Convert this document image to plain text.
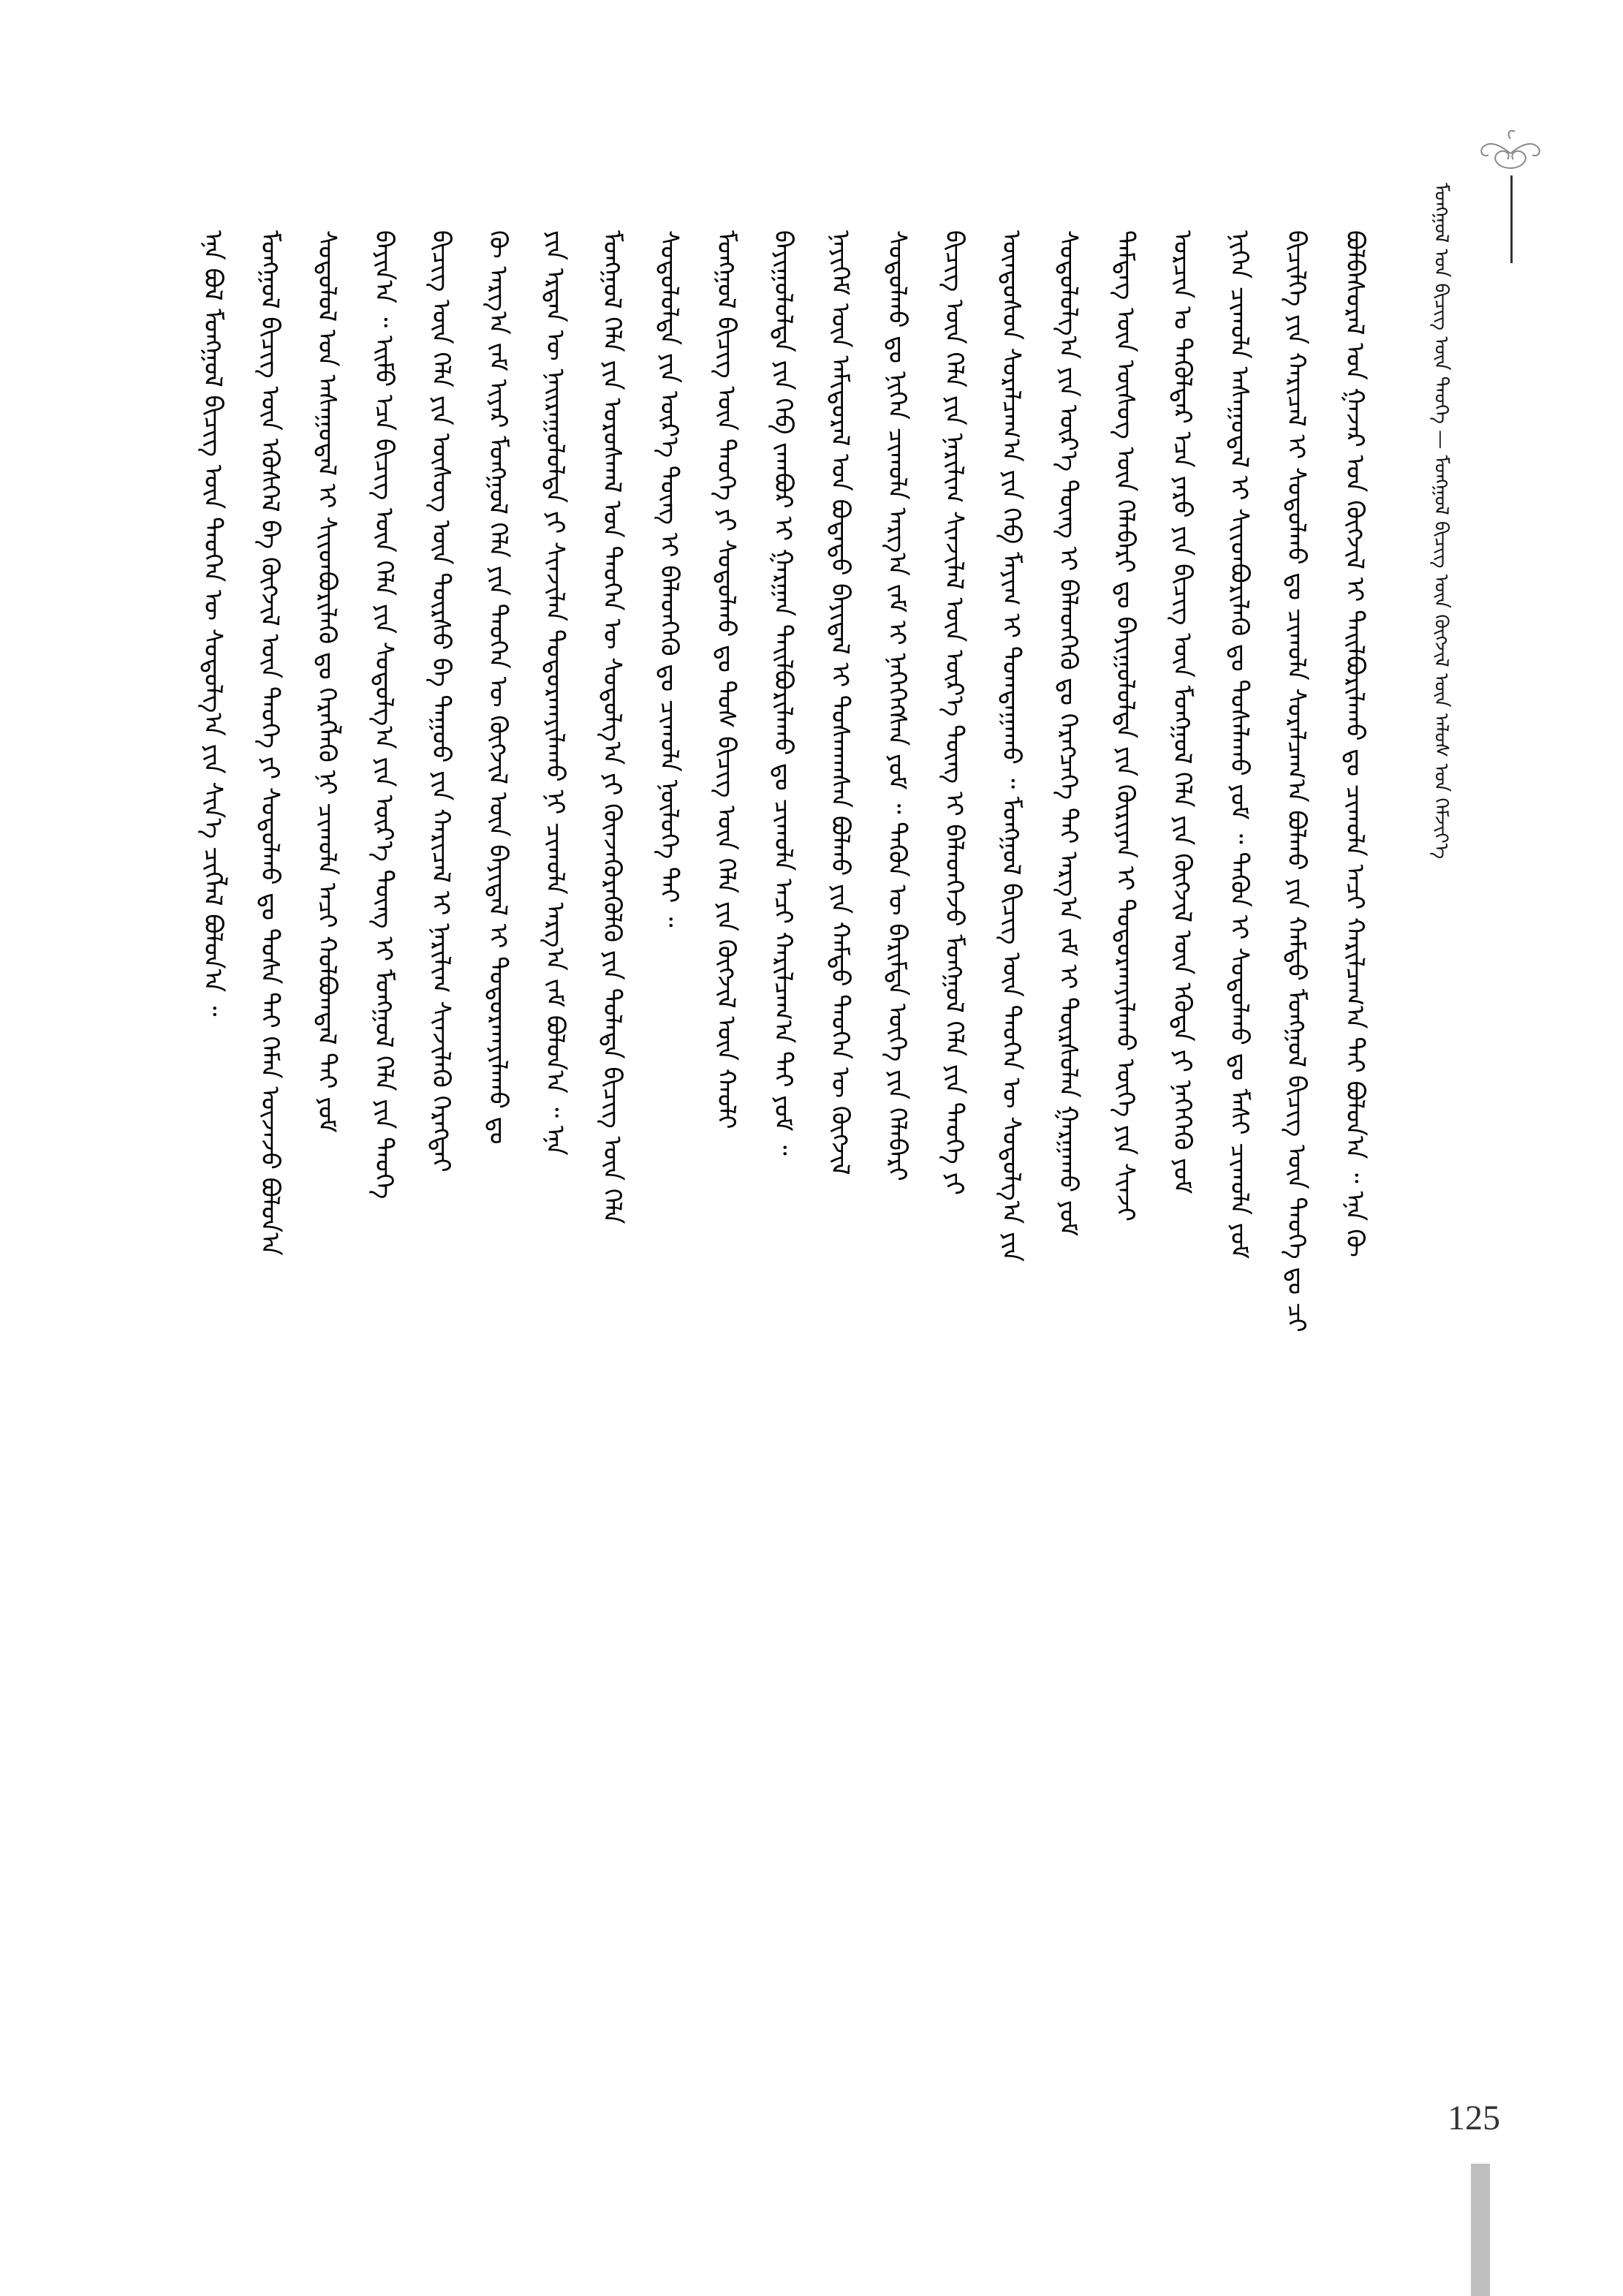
ᠮᠣᠩᠭᠣᠯ ᠤᠨ ᠪᠢᠴᠢᠭ᠌ ᠦᠨ ᠲᠡᠦᠬᠡ — ᠮᠣᠩᠭᠣᠯ ᠪᠢᠴᠢᠭ᠌ ᠦᠨ ᠬᠦᠭᠵᠢᠯ ᠦᠨ ᠠᠯᠤᠰ ᠤᠨ ᠬᠡᠮᠵᠢᠶ᠎ᠡ
ᠪᠣᠯᠪᠠᠰᠤᠷᠠᠯ ᠤᠨ ᠭᠠᠵᠠᠷ ᠤᠨ ᠬᠥᠭᠵᠢᠯ ᠢ ᠲᠠᠢᠯᠪᠤᠷᠢᠯᠠᠬᠤ ᠳᠤ ᠴᠢᠬᠤᠯᠠ ᠠᠴᠢ ᠬᠠᠷᠢᠯᠴᠠᠭ᠎ᠠ ᠲᠠᠢ ᠪᠣᠯᠤᠨ᠎ᠠ ᠃ ᠡᠨᠡ ᠬᠦ
ᠪᠢᠴᠢᠯᠭᠡ ᠶᠢᠨ ᠬᠠᠷᠢᠴᠠᠯ ᠢ ᠰᠤᠳᠤᠯᠬᠤ ᠳᠤ ᠴᠢᠬᠤᠯᠠ ᠰᠤᠷᠠᠯᠴᠠᠭ᠎ᠠ ᠪᠣᠯᠬᠤ ᠶᠢᠨ ᠬᠠᠮᠲᠤ ᠮᠣᠩᠭᠣᠯ ᠪᠢᠴᠢᠭ ᠦᠨ ᠲᠡᠦᠬᠡ ᠳᠤ ᠴᠢ
ᠨᠢᠭᠡᠨ ᠴᠢᠬᠤᠯᠠ ᠠᠰᠠᠭᠤᠳᠠᠯ ᠢ ᠰᠢᠢᠳᠪᠦᠷᠢᠯᠡᠬᠦ ᠳᠤ ᠲᠤᠰᠠᠯᠠᠬᠤ ᠶᠤᠮ ᠃ ᠲᠡᠭᠦᠨ ᠢ ᠰᠤᠳᠤᠯᠬᠤ ᠳᠤ ᠮᠠᠰᠢ ᠴᠢᠬᠤᠯᠠ ᠶᠤᠮ
ᠣᠷᠴᠢᠨ ᠤ ᠲᠡᠭᠦᠯᠳᠡᠷ ᠡᠴᠡ ᠶᠡᠷᠦ ᠶᠢᠨ ᠪᠢᠴᠢᠭ ᠦᠨ ᠮᠣᠩᠭᠣᠯ ᠬᠡᠯᠡ ᠶᠢᠨ ᠬᠥᠭᠵᠢᠯ ᠦᠨ ᠡᠭᠦᠳᠡ ᠶᠢ ᠨᠡᠭᠡᠭᠡᠬᠦ ᠶᠤᠮ
ᠲᠡᠮᠳᠡᠭ ᠦᠨ ᠦᠰᠦᠭ ᠦᠨ ᠬᠡᠯᠡᠪᠡᠷᠢ ᠳᠤ ᠪᠠᠶᠢᠭᠤᠯᠤᠯᠲᠠ ᠶᠢᠨ ᠬᠦᠷᠢᠶᠡᠨ ᠢ ᠲᠤᠳᠤᠷᠬᠠᠶᠢᠯᠠᠬᠤ ᠦᠭᠡ ᠶᠢᠨ ᠰᠢᠨᠵᠢ
ᠰᠤᠳᠤᠯᠤᠯᠭ᠎ᠠ ᠶᠢᠨ ᠦᠷ᠎ᠡ ᠳᠦᠩ ᠢ ᠪᠡᠯᠡᠳᠬᠡᠬᠦ ᠳᠤ ᠬᠡᠷᠡᠭᠴᠡᠭᠡ ᠲᠠᠢ ᠠᠷᠭ᠎ᠠ ᠵᠠᠮ ᠢ ᠳᠦᠷᠰᠦᠯᠡᠨ ᠭᠠᠷᠭᠠᠬᠤ ᠶᠤᠮ
ᠦᠨᠳᠦᠰᠦᠨ ᠰᠤᠷᠠᠯᠴᠠᠭ᠎ᠠ ᠶᠢᠨ ᠬᠡᠪ ᠮᠠᠶᠢᠭ ᠢ ᠲᠣᠭᠲᠠᠭᠠᠬᠤ ᠃ ᠮᠣᠩᠭᠣᠯ ᠪᠢᠴᠢᠭ ᠦᠨ ᠲᠡᠦᠬᠡᠨ ᠦ ᠰᠤᠳᠤᠯᠭ᠎ᠠ ᠶᠢᠨ
ᠪᠢᠴᠢᠭ ᠦᠨ ᠬᠡᠯᠡ ᠶᠢᠨ ᠨᠠᠷᠢᠯᠢᠭ ᠰᠢᠨᠵᠢᠯᠡᠯ ᠦᠨ ᠦᠷ᠎ᠡ ᠳᠦᠩ ᠢ ᠪᠡᠯᠡᠳᠬᠡᠵᠦ ᠮᠣᠩᠭᠣᠯ ᠬᠡᠯᠡ ᠶᠢᠨ ᠲᠡᠦᠬᠡ ᠶᠢ
ᠰᠤᠳᠤᠯᠬᠤ ᠳᠤ ᠨᠢᠭᠡᠨ ᠴᠢᠬᠤᠯᠠ ᠠᠷᠭ᠎ᠠ ᠵᠠᠮ ᠢ ᠨᠡᠭᠡᠭᠡᠭᠰᠡᠨ ᠶᠤᠮ ᠃ ᠲᠡᠭᠦᠨ ᠦ ᠪᠠᠷᠢᠮᠲᠠ ᠦᠭᠡ ᠶᠢᠨ ᠬᠡᠯᠡᠪᠡᠷᠢ
ᠨᠡᠶᠢᠭᠡᠮ ᠦᠨ ᠠᠮᠢᠳᠤᠷᠠᠯ ᠤᠨ ᠪᠣᠳᠠᠲᠤ ᠪᠠᠶᠢᠳᠠᠯ ᠢ ᠲᠤᠰᠬᠠᠭᠰᠠᠨ ᠪᠣᠯᠬᠤ ᠶᠢᠨ ᠬᠠᠮᠲᠤ ᠲᠡᠦᠬᠡᠨ ᠦ ᠬᠥᠭᠵᠢᠯ
ᠪᠠᠶᠢᠭᠤᠯᠤᠯᠲᠠ ᠶᠢᠨ ᠬᠡᠪ ᠵᠠᠭᠪᠤᠷ ᠢ ᠭᠠᠷᠭᠠᠨ ᠲᠠᠢᠯᠪᠤᠷᠢᠯᠠᠬᠤ ᠳᠤ ᠴᠢᠬᠤᠯᠠ ᠠᠴᠢ ᠬᠠᠷᠢᠯᠴᠠᠭ᠎ᠠ ᠲᠠᠢ ᠶᠤᠮ ᠃
ᠮᠣᠩᠭᠣᠯ ᠪᠢᠴᠢᠭ ᠦᠨ ᠲᠡᠦᠬᠡ ᠶᠢ ᠰᠤᠳᠤᠯᠬᠤ ᠳᠤ ᠲᠤᠰ ᠪᠢᠴᠢᠭ ᠦᠨ ᠬᠡᠯᠡ ᠶᠢᠨ ᠬᠥᠭᠵᠢᠯ ᠦᠨ ᠬᠠᠤᠯᠢ
ᠰᠤᠳᠤᠯᠤᠯᠲᠠ ᠶᠢᠨ ᠦᠷ᠎ᠡ ᠳᠦᠩ ᠢ ᠪᠡᠯᠡᠳᠬᠡᠬᠦ ᠳᠤ ᠴᠢᠬᠤᠯᠠ ᠨᠥᠯᠦᠭᠡ ᠲᠠᠢ ᠃
ᠮᠣᠩᠭᠣᠯ ᠬᠡᠯᠡ ᠶᠢᠨ ᠤᠷᠤᠰᠬᠠᠯ ᠤᠨ ᠲᠡᠦᠬᠡᠨ ᠦ ᠰᠤᠳᠤᠯᠭ᠎ᠠ ᠶᠢ ᠭᠦᠨᠵᠡᠭᠦᠷᠡᠭᠦᠯᠬᠦ ᠶᠢᠨ ᠲᠤᠯᠠᠳᠠ ᠪᠢᠴᠢᠭ ᠦᠨ ᠬᠡᠯᠡ
ᠶᠢᠨ ᠡᠷᠲᠡᠨ ᠦ ᠨᠠᠢᠷᠠᠭᠤᠯᠤᠯᠲᠠ ᠶᠢ ᠰᠢᠨᠵᠢᠯᠡᠨ ᠲᠣᠳᠤᠷᠬᠠᠶᠢᠯᠠᠬᠤ ᠨᠢ ᠴᠢᠬᠤᠯᠠ ᠠᠷᠭ᠎ᠠ ᠵᠠᠮ ᠪᠣᠯᠤᠨ᠎ᠠ ᠃ ᠡᠨᠡ
ᠬᠦ ᠠᠷᠭ᠎ᠠ ᠵᠠᠮ ᠢᠶᠠᠷ ᠮᠣᠩᠭᠣᠯ ᠬᠡᠯᠡ ᠶᠢᠨ ᠲᠡᠦᠬᠡᠨ ᠦ ᠬᠥᠭᠵᠢᠯ ᠦᠨ ᠪᠠᠶᠢᠳᠠᠯ ᠢ ᠲᠣᠳᠤᠷᠬᠠᠶᠢᠯᠠᠬᠤ ᠳᠤ
ᠪᠢᠴᠢᠭ ᠦᠨ ᠬᠡᠯᠡ ᠶᠢᠨ ᠦᠰᠦᠭ ᠦᠨ ᠳᠦᠷᠰᠦ ᠪᠠ ᠳᠠᠭᠤᠤ ᠶᠢᠨ ᠬᠠᠷᠢᠴᠠᠯ ᠢ ᠨᠠᠷᠢᠯᠢᠭ ᠰᠢᠨᠵᠢᠯᠡᠬᠦ ᠬᠡᠷᠡᠭᠲᠡᠶ
ᠪᠠᠶᠢᠨ᠎ᠠ ᠃ ᠡᠢᠮᠦ ᠡᠴᠡ ᠪᠢᠴᠢᠭ ᠦᠨ ᠬᠡᠯᠡ ᠶᠢᠨ ᠰᠤᠳᠤᠯᠭ᠎ᠠ ᠶᠢᠨ ᠦᠷ᠎ᠡ ᠳᠦᠩ ᠢ ᠮᠣᠩᠭᠣᠯ ᠬᠡᠯᠡ ᠶᠢᠨ ᠲᠡᠦᠬᠡ
ᠰᠤᠳᠤᠯᠤᠯ ᠤᠨ ᠠᠰᠠᠭᠤᠳᠠᠯ ᠢ ᠰᠢᠢᠳᠪᠦᠷᠢᠯᠡᠬᠦ ᠳᠤ ᠬᠡᠷᠡᠭᠯᠡᠬᠦ ᠨᠢ ᠴᠢᠬᠤᠯᠠ ᠠᠴᠢ ᠬᠣᠯᠪᠣᠭᠳᠠᠯ ᠲᠠᠢ ᠶᠤᠮ
ᠮᠣᠩᠭᠣᠯ ᠪᠢᠴᠢᠭ ᠦᠨ ᠡᠭᠦᠰᠬᠡᠯ ᠪᠠ ᠬᠥᠭᠵᠢᠯ ᠦᠨ ᠲᠡᠦᠬᠡ ᠶᠢ ᠰᠤᠳᠤᠯᠬᠤ ᠳᠤ ᠲᠤᠰᠠ ᠲᠠᠢ ᠬᠡᠮᠡᠨ ᠦᠵᠡᠵᠦ ᠪᠣᠯᠤᠨ᠎ᠠ
ᠡᠨᠡ ᠪᠣᠯ ᠮᠣᠩᠭᠣᠯ ᠪᠢᠴᠢᠭ ᠦᠨ ᠲᠡᠦᠬᠡᠨ ᠦ ᠰᠤᠳᠤᠯᠭ᠎ᠠ ᠶᠢᠨ ᠰᠢᠨ᠎ᠡ ᠴᠢᠭᠯᠡᠯ ᠪᠣᠯᠤᠨ᠎ᠠ ᠃
125
